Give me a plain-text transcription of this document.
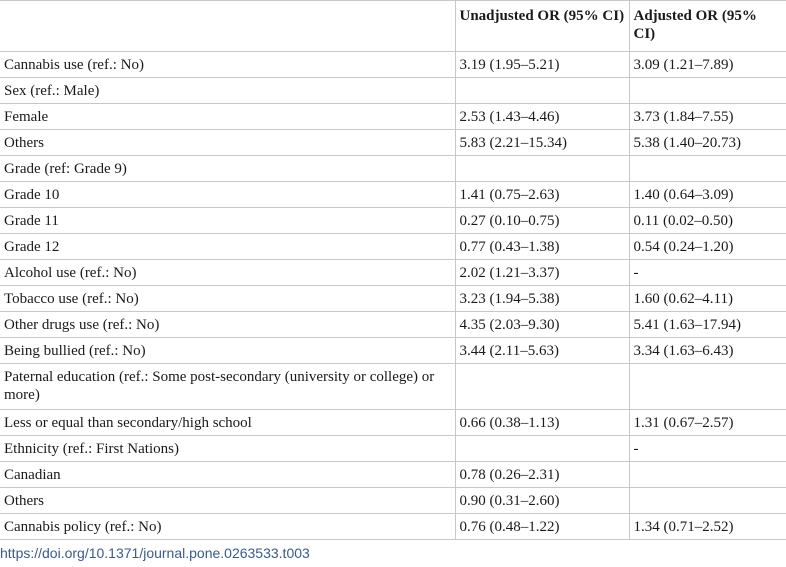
	Unadjusted OR (95% CI)	Adjusted OR (95% CI)
Cannabis use (ref.: No)	3.19 (1.95–5.21)	3.09 (1.21–7.89)
Sex (ref.: Male)		
Female	2.53 (1.43–4.46)	3.73 (1.84–7.55)
Others	5.83 (2.21–15.34)	5.38 (1.40–20.73)
Grade (ref: Grade 9)		
Grade 10	1.41 (0.75–2.63)	1.40 (0.64–3.09)
Grade 11	0.27 (0.10–0.75)	0.11 (0.02–0.50)
Grade 12	0.77 (0.43–1.38)	0.54 (0.24–1.20)
Alcohol use (ref.: No)	2.02 (1.21–3.37)	-
Tobacco use (ref.: No)	3.23 (1.94–5.38)	1.60 (0.62–4.11)
Other drugs use (ref.: No)	4.35 (2.03–9.30)	5.41 (1.63–17.94)
Being bullied (ref.: No)	3.44 (2.11–5.63)	3.34 (1.63–6.43)
Paternal education (ref.: Some post-secondary (university or college) or more)		
Less or equal than secondary/high school	0.66 (0.38–1.13)	1.31 (0.67–2.57)
Ethnicity (ref.: First Nations)		-
Canadian	0.78 (0.26–2.31)	
Others	0.90 (0.31–2.60)	
Cannabis policy (ref.: No)	0.76 (0.48–1.22)	1.34 (0.71–2.52)
https://doi.org/10.1371/journal.pone.0263533.t003
